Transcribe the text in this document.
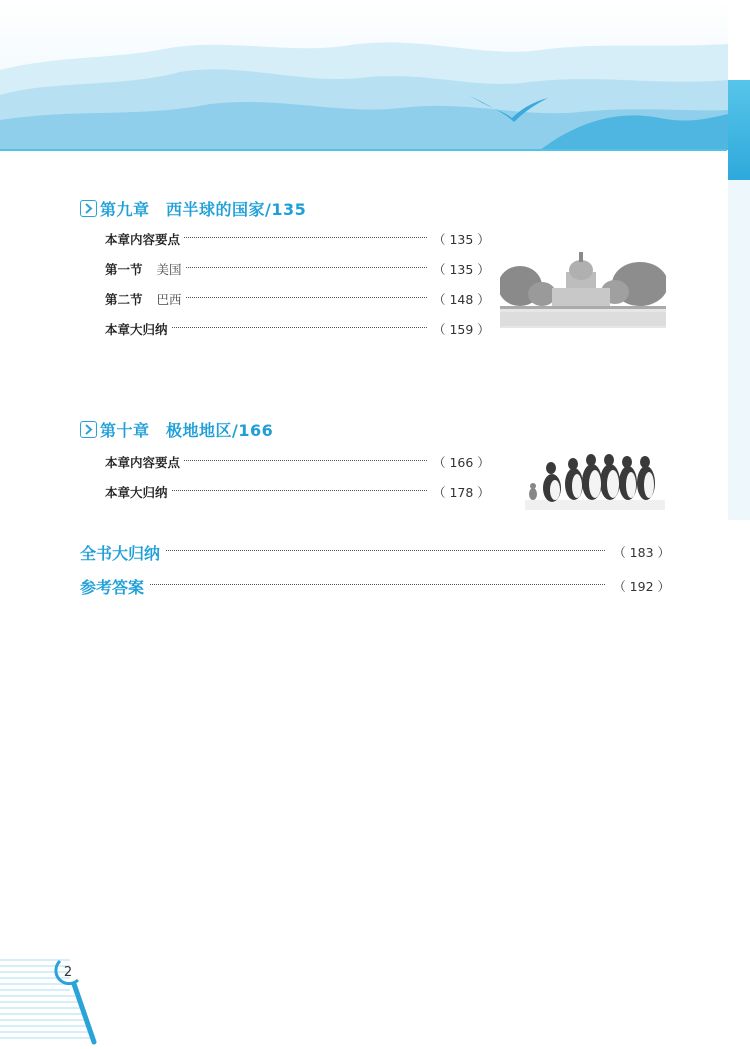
第九章　西半球的国家/135
本章内容要点	（ 135 ）
第一节 美国	（ 135 ）
第二节 巴西	（ 148 ）
本章大归纳	（ 159 ）
第十章　极地地区/166
本章内容要点	（ 166 ）
本章大归纳	（ 178 ）
全书大归纳	（ 183 ）
参考答案	（ 192 ）
2
